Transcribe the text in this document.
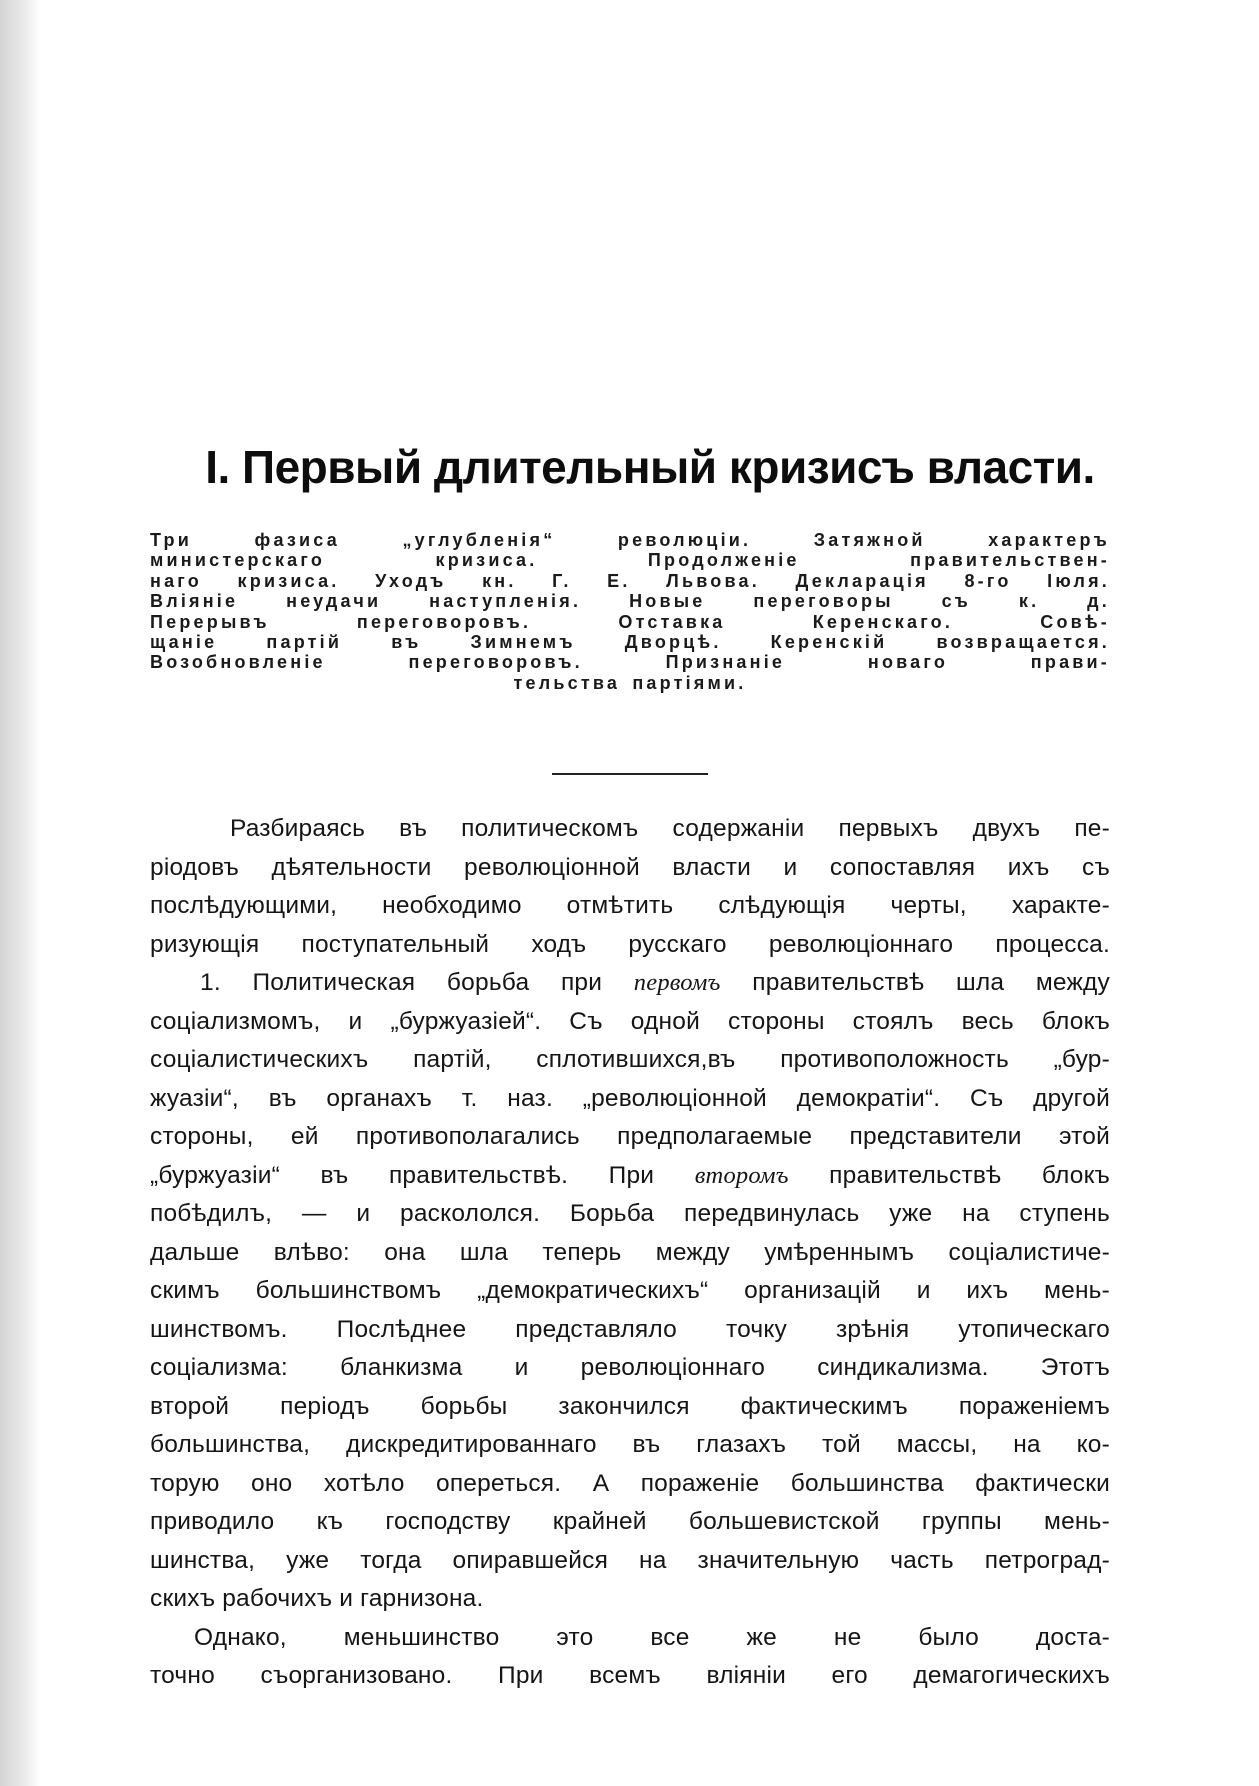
I. Первый длительный кризисъ власти.
Три фазиса „углубленія“ революціи. Затяжной характеръ
министерскаго кризиса. Продолженіе правительствен-
наго кризиса. Уходъ кн. Г. Е. Львова. Декларація 8-го Іюля.
Вліяніе неудачи наступленія. Новые переговоры съ к. д.
Перерывъ переговоровъ. Отставка Керенскаго. Совѣ-
щаніе партій въ Зимнемъ Дворцѣ. Керенскій возвращается.
Возобновленіе переговоровъ. Признаніе новаго прави-
тельства партіями.
Разбираясь въ политическомъ содержаніи первыхъ двухъ пе-
ріодовъ дѣятельности революціонной власти и сопоставляя ихъ съ
послѣдующими, необходимо отмѣтить слѣдующія черты, характе-
ризующія поступательный ходъ русскаго революціоннаго процесса.
1. Политическая борьба при первомъ правительствѣ шла между
соціализмомъ, и „буржуазіей“. Съ одной стороны стоялъ весь блокъ
соціалистическихъ партій, сплотившихся,въ противоположность „бур-
жуазіи“, въ органахъ т. наз. „революціонной демократіи“. Съ другой
стороны, ей противополагались предполагаемые представители этой
„буржуазіи“ въ правительствѣ. При второмъ правительствѣ блокъ
побѣдилъ, — и раскололся. Борьба передвинулась уже на ступень
дальше влѣво: она шла теперь между умѣреннымъ соціалистиче-
скимъ большинствомъ „демократическихъ“ организацій и ихъ мень-
шинствомъ. Послѣднее представляло точку зрѣнія утопическаго
соціализма: бланкизма и революціоннаго синдикализма. Этотъ
второй періодъ борьбы закончился фактическимъ пораженіемъ
большинства, дискредитированнаго въ глазахъ той массы, на ко-
торую оно хотѣло опереться. А пораженіе большинства фактически
приводило къ господству крайней большевистской группы мень-
шинства, уже тогда опиравшейся на значительную часть петроград-
скихъ рабочихъ и гарнизона.
Однако, меньшинство это все же не было доста-
точно съорганизовано. При всемъ вліяніи его демагогическихъ
